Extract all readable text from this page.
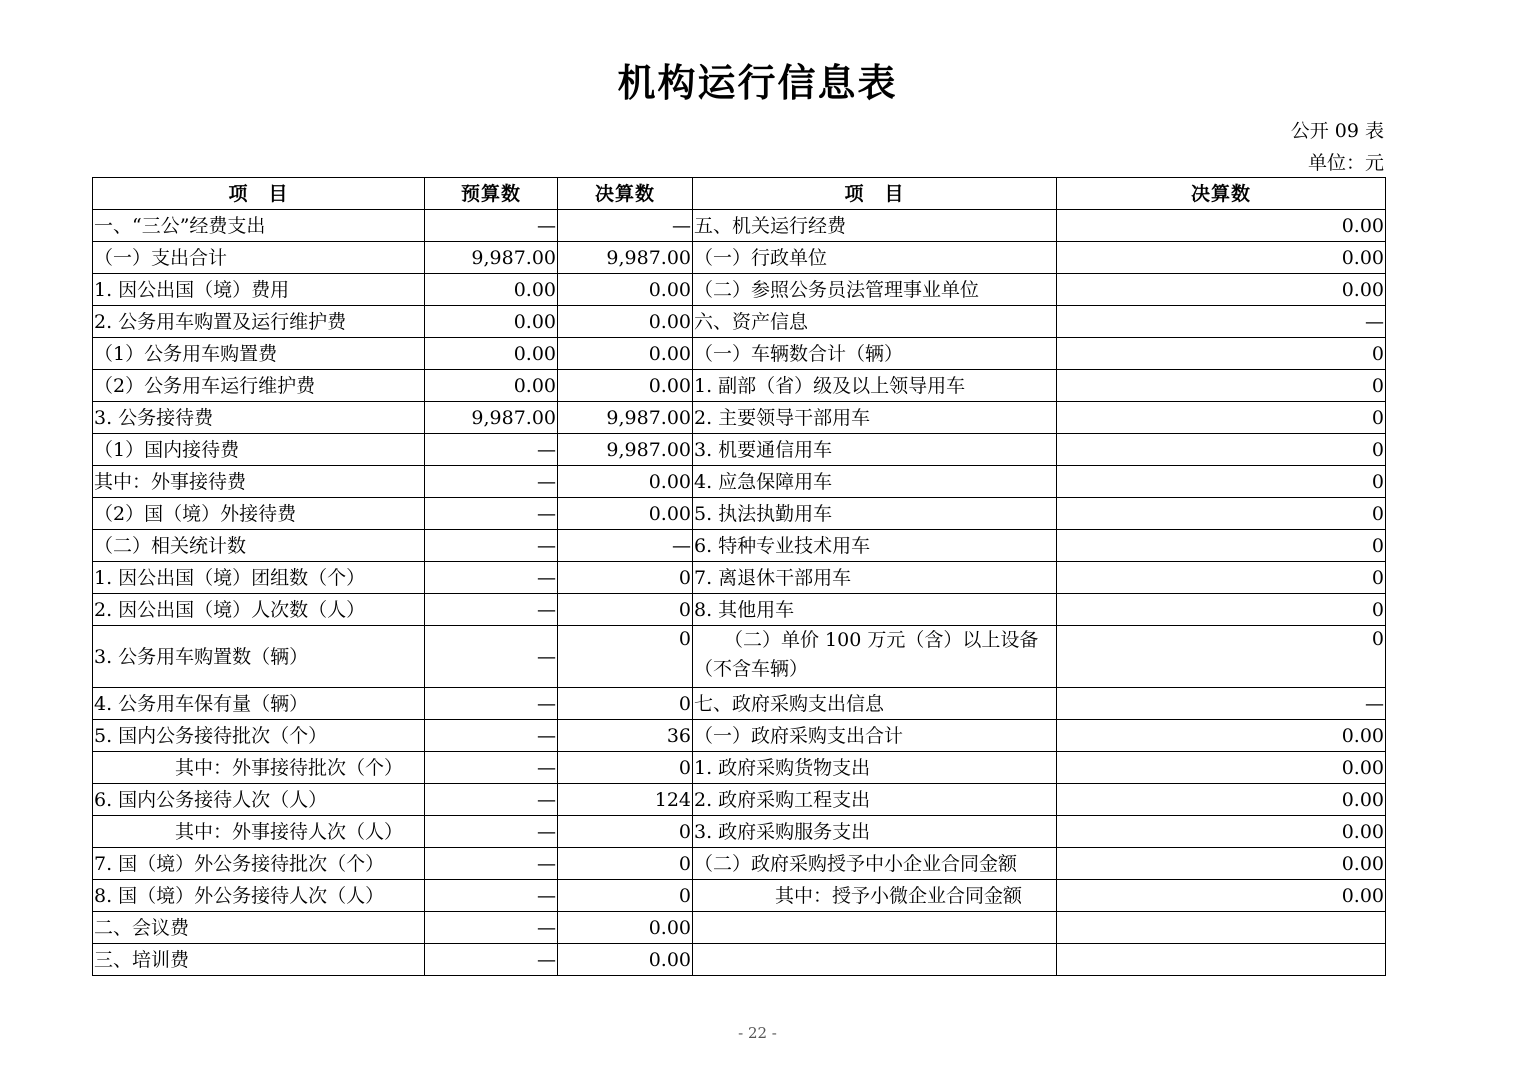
机构运行信息表
公开 09 表
单位：元
项　目	预算数	决算数	项　目	决算数
一、“三公”经费支出	—	—	五、机关运行经费	0.00
（一）支出合计	9,987.00	9,987.00	（一）行政单位	0.00
1. 因公出国（境）费用	0.00	0.00	（二）参照公务员法管理事业单位	0.00
2. 公务用车购置及运行维护费	0.00	0.00	六、资产信息	—
（1）公务用车购置费	0.00	0.00	（一）车辆数合计（辆）	0
（2）公务用车运行维护费	0.00	0.00	1. 副部（省）级及以上领导用车	0
3. 公务接待费	9,987.00	9,987.00	2. 主要领导干部用车	0
（1）国内接待费	—	9,987.00	3. 机要通信用车	0
其中：外事接待费	—	0.00	4. 应急保障用车	0
（2）国（境）外接待费	—	0.00	5. 执法执勤用车	0
（二）相关统计数	—	—	6. 特种专业技术用车	0
1. 因公出国（境）团组数（个）	—	0	7. 离退休干部用车	0
2. 因公出国（境）人次数（人）	—	0	8. 其他用车	0
3. 公务用车购置数（辆）	—	0	（二）单价 100 万元（含）以上设备（不含车辆）	0
4. 公务用车保有量（辆）	—	0	七、政府采购支出信息	—
5. 国内公务接待批次（个）	—	36	（一）政府采购支出合计	0.00
其中：外事接待批次（个）	—	0	1. 政府采购货物支出	0.00
6. 国内公务接待人次（人）	—	124	2. 政府采购工程支出	0.00
其中：外事接待人次（人）	—	0	3. 政府采购服务支出	0.00
7. 国（境）外公务接待批次（个）	—	0	（二）政府采购授予中小企业合同金额	0.00
8. 国（境）外公务接待人次（人）	—	0	其中：授予小微企业合同金额	0.00
二、会议费	—	0.00		
三、培训费	—	0.00		
- 22 -
